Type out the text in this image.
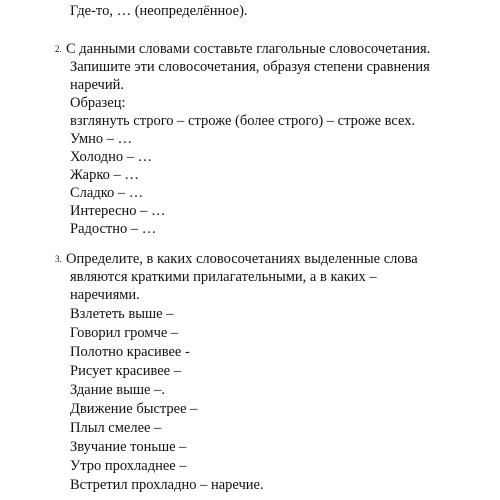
Где-то, … (неопределённое).
2. С данными словами составьте глагольные словосочетания.
Запишите эти словосочетания, образуя степени сравнения
наречий.
Образец:
взглянуть строго – строже (более строго) – строже всех.
Умно – …
Холодно – …
Жарко – …
Сладко – …
Интересно – …
Радостно – …
3. Определите, в каких словосочетаниях выделенные слова
являются краткими прилагательными, а в каких –
наречиями.
Взлететь выше –
Говорил громче –
Полотно красивее -
Рисует красивее –
Здание выше –.
Движение быстрее –
Плыл смелее –
Звучание тоньше –
Утро прохладнее –
Встретил прохладно – наречие.
